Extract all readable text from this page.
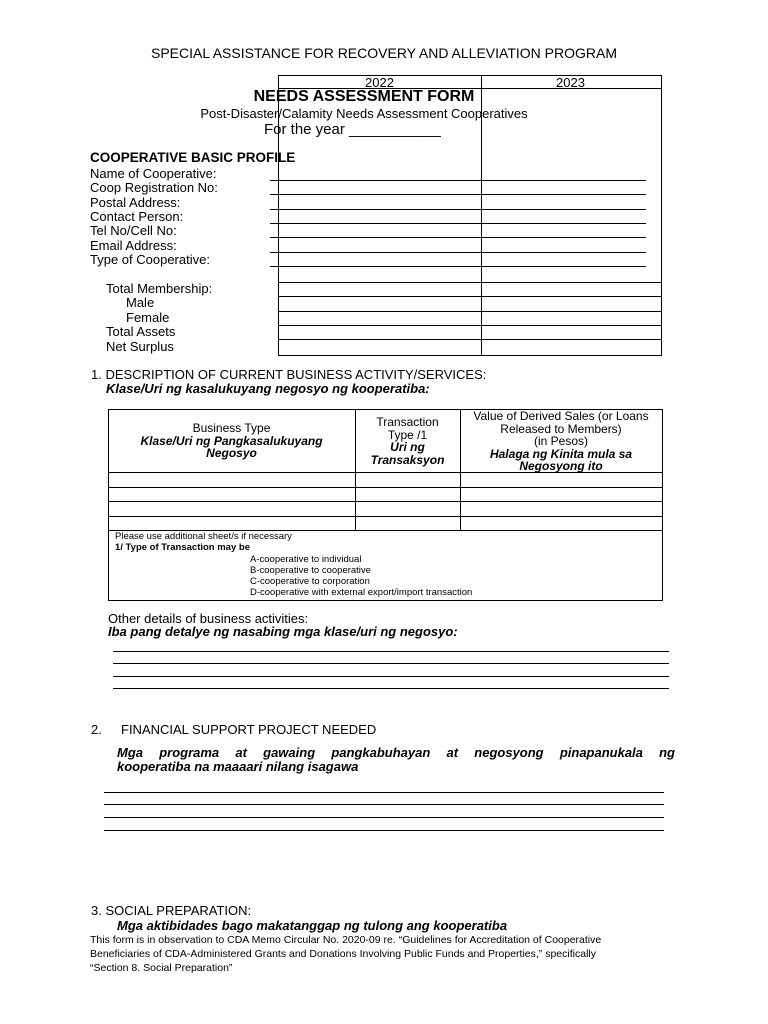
SPECIAL ASSISTANCE FOR RECOVERY AND ALLEVIATION PROGRAM
2022	2023
NEEDS ASSESSMENT FORM
Post-Disaster/Calamity Needs Assessment Cooperatives
For the year ___________
COOPERATIVE BASIC PROFILE
Name of Cooperative:
Coop Registration No:
Postal Address:
Contact Person:
Tel No/Cell No:
Email Address:
Type of Cooperative:
Total Membership:
Male
Female
Total Assets
Net Surplus
1. DESCRIPTION OF CURRENT BUSINESS ACTIVITY/SERVICES:
Klase/Uri ng kasalukuyang negosyo ng kooperatiba:
Business Type
Klase/Uri ng Pangkasalukuyang
Negosyo
Transaction
Type /1
Uri ng
Transaksyon
Value of Derived Sales (or Loans
Released to Members)
(in Pesos)
Halaga ng Kinita mula sa
Negosyong ito
Please use additional sheet/s if necessary
1/ Type of Transaction may be
A-cooperative to individual
B-cooperative to cooperative
C-cooperative to corporation
D-cooperative with external export/import transaction
Other details of business activities:
Iba pang detalye ng nasabing mga klase/uri ng negosyo:
2. FINANCIAL SUPPORT PROJECT NEEDED
Mga programa at gawaing pangkabuhayan at negosyong pinapanukala ng
kooperatiba na maaaari nilang isagawa
3. SOCIAL PREPARATION:
Mga aktibidades bago makatanggap ng tulong ang kooperatiba
This form is in observation to CDA Memo Circular No. 2020-09 re. “Guidelines for Accreditation of Cooperative
Beneficiaries of CDA-Administered Grants and Donations Involving Public Funds and Properties,” specifically
“Section 8. Social Preparation”
